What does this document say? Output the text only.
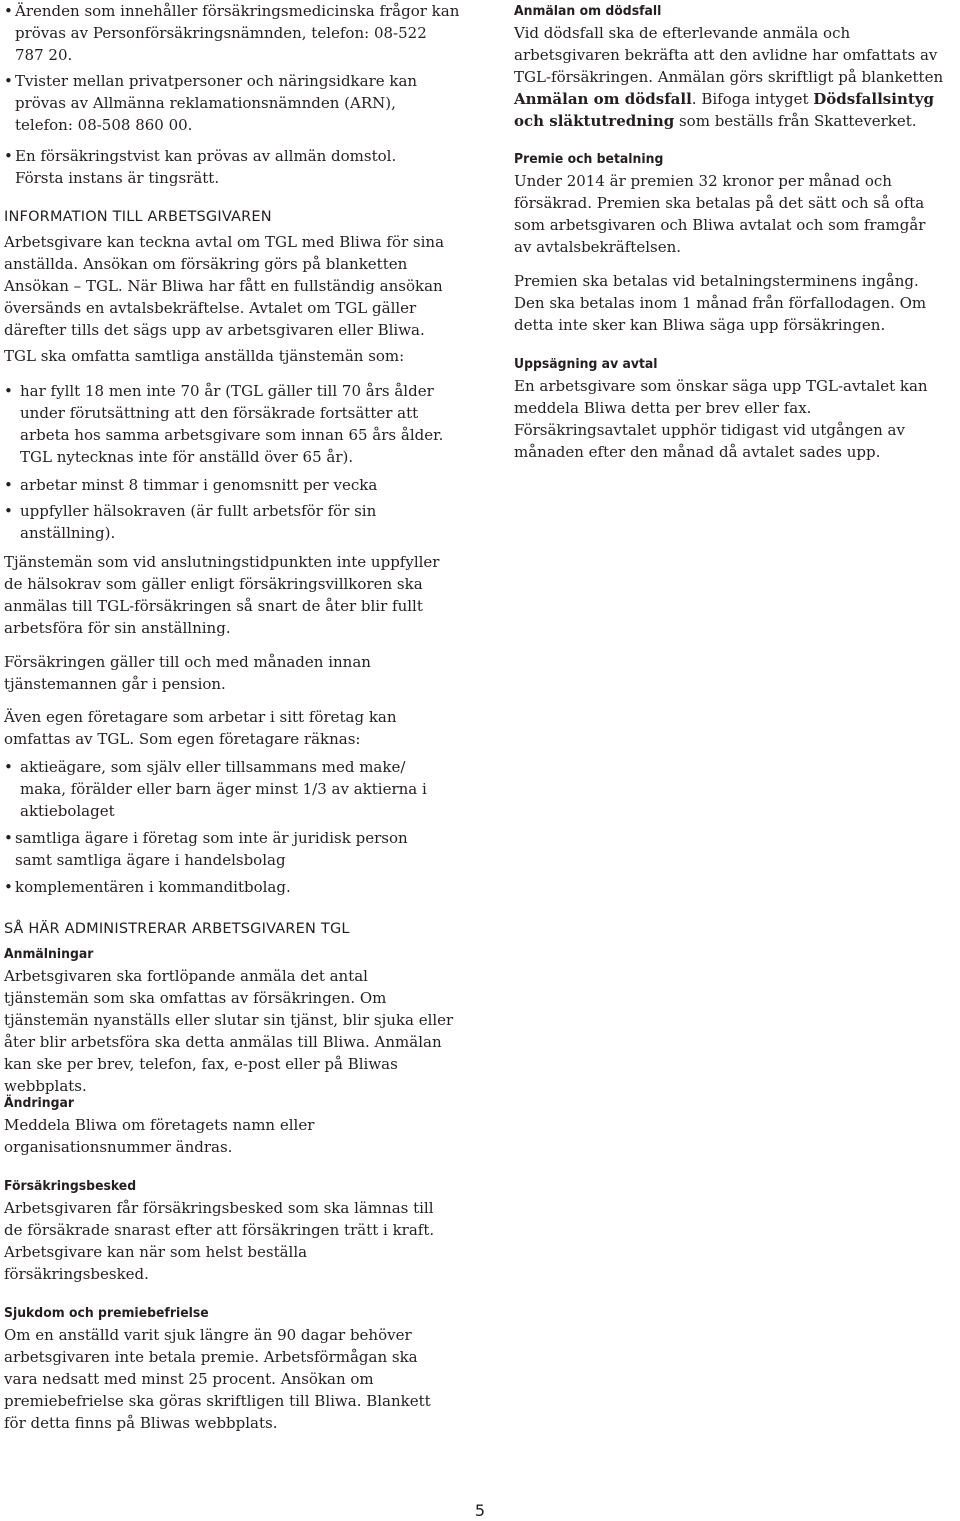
• Ärenden som innehåller försäkringsmedicinska frågor kan prövas av Personförsäkringsnämnden, telefon: 08-522 787 20.
• Tvister mellan privatpersoner och näringsidkare kan prövas av Allmänna reklamationsnämnden (ARN), telefon: 08-508 860 00.
• En försäkringstvist kan prövas av allmän domstol. Första instans är tingsrätt.
INFORMATION TILL ARBETSGIVAREN

Arbetsgivare kan teckna avtal om TGL med Bliwa för sina anställda. Ansökan om försäkring görs på blanketten Ansökan – TGL. När Bliwa har fått en fullständig ansökan översänds en avtalsbekräftelse. Avtalet om TGL gäller därefter tills det sägs upp av arbetsgivaren eller Bliwa.

TGL ska omfatta samtliga anställda tjänstemän som:

• har fyllt 18 men inte 70 år (TGL gäller till 70 års ålder under förutsättning att den försäkrade fortsätter att arbeta hos samma arbetsgivare som innan 65 års ålder. TGL nytecknas inte för anställd över 65 år).
• arbetar minst 8 timmar i genomsnitt per vecka
• uppfyller hälsokraven (är fullt arbetsför för sin anställning).

Tjänstemän som vid anslutningstidpunkten inte uppfyller de hälsokrav som gäller enligt försäkringsvillkoren ska anmälas till TGL-försäkringen så snart de åter blir fullt arbetsföra för sin anställning.

Försäkringen gäller till och med månaden innan tjänstemannen går i pension.

Även egen företagare som arbetar i sitt företag kan omfattas av TGL. Som egen företagare räknas:

• aktieägare, som själv eller tillsammans med make/ maka, förälder eller barn äger minst 1/3 av aktierna i aktiebolaget
• samtliga ägare i företag som inte är juridisk person samt samtliga ägare i handelsbolag
• komplementären i kommanditbolag.
SÅ HÄR ADMINISTRERAR ARBETSGIVAREN TGL
Anmälningar

Arbetsgivaren ska fortlöpande anmäla det antal tjänstemän som ska omfattas av försäkringen. Om tjänstemän nyanställs eller slutar sin tjänst, blir sjuka eller åter blir arbetsföra ska detta anmälas till Bliwa. Anmälan kan ske per brev, telefon, fax, e-post eller på Bliwas webbplats.

Ändringar

Meddela Bliwa om företagets namn eller organisationsnummer ändras.

Försäkringsbesked

Arbetsgivaren får försäkringsbesked som ska lämnas till de försäkrade snarast efter att försäkringen trätt i kraft. Arbetsgivare kan när som helst beställa försäkringsbesked.

Sjukdom och premiebefrielse

Om en anställd varit sjuk längre än 90 dagar behöver arbetsgivaren inte betala premie. Arbetsförmågan ska vara nedsatt med minst 25 procent. Ansökan om premiebefrielse ska göras skriftligen till Bliwa. Blankett för detta finns på Bliwas webbplats.

Anmälan om dödsfall

Vid dödsfall ska de efterlevande anmäla och arbetsgivaren bekräfta att den avlidne har omfattats av TGL-försäkringen. Anmälan görs skriftligt på blanketten Anmälan om dödsfall. Bifoga intyget Dödsfallsintyg och släktutredning som beställs från Skatteverket.

Premie och betalning

Under 2014 är premien 32 kronor per månad och försäkrad. Premien ska betalas på det sätt och så ofta som arbetsgivaren och Bliwa avtalat och som framgår av avtalsbekräftelsen.

Premien ska betalas vid betalningsterminens ingång. Den ska betalas inom 1 månad från förfallodagen. Om detta inte sker kan Bliwa säga upp försäkringen.

Uppsägning av avtal

En arbetsgivare som önskar säga upp TGL-avtalet kan meddela Bliwa detta per brev eller fax. Försäkringsavtalet upphör tidigast vid utgången av månaden efter den månad då avtalet sades upp.

5
